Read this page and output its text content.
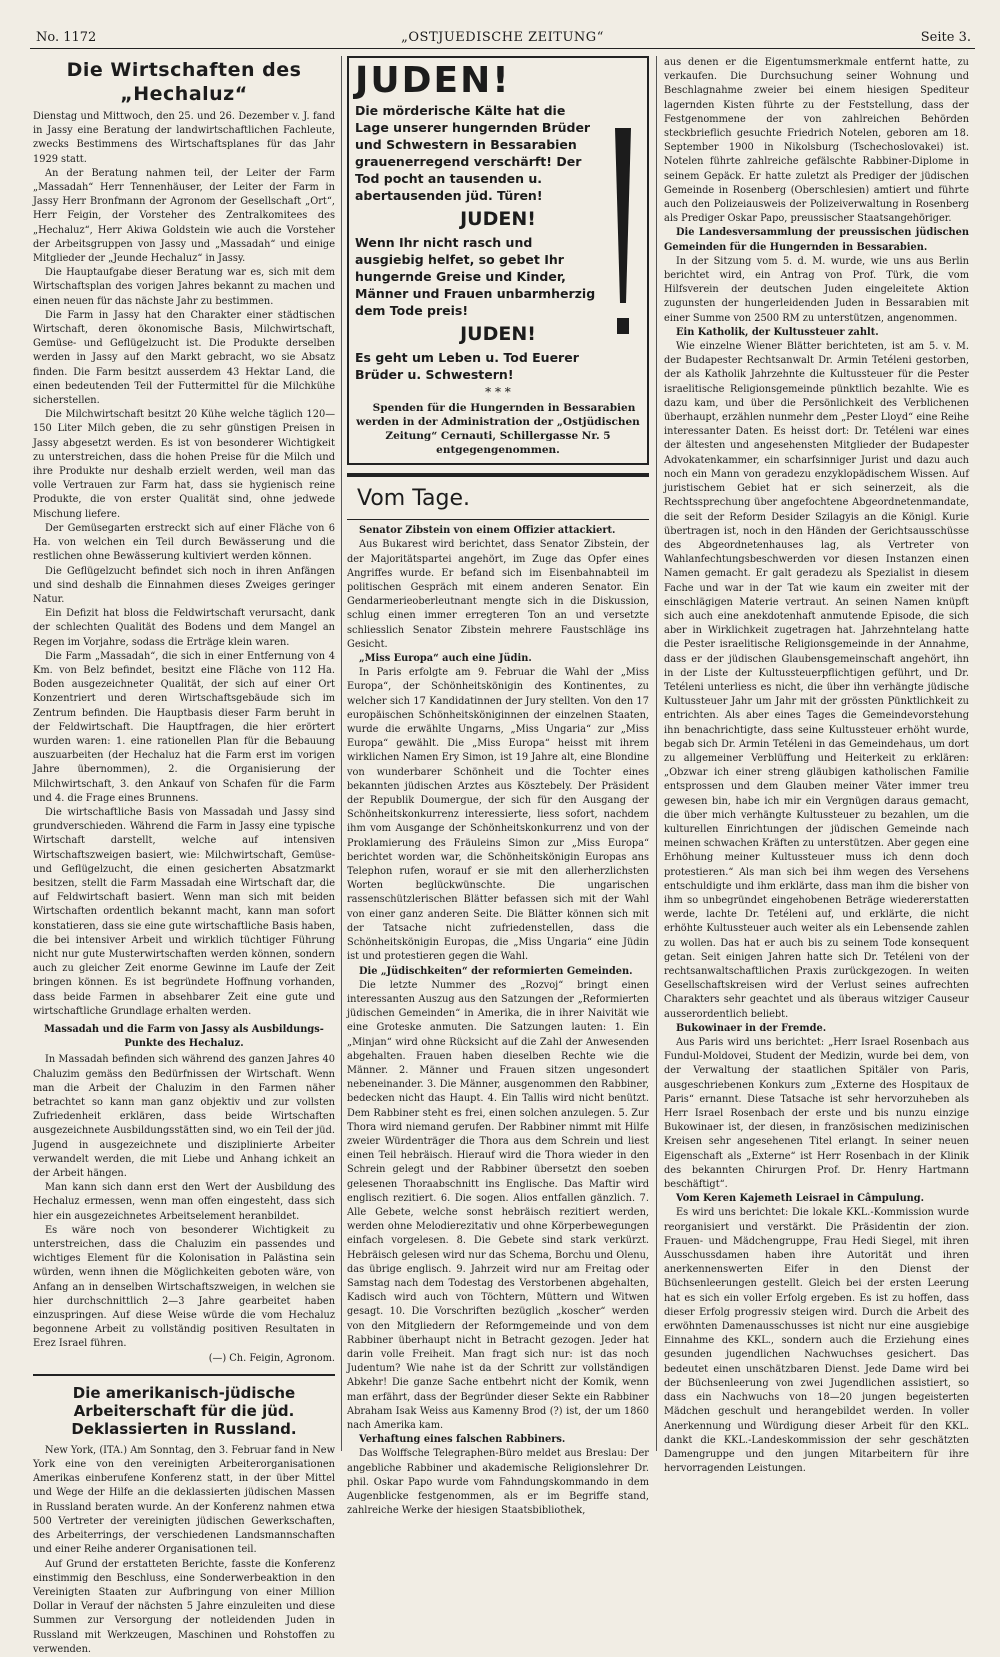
No. 1172	„OSTJUEDISCHE ZEITUNG“	Seite 3.
Die Wirtschaften des „Hechaluz“

Dienstag und Mittwoch, den 25. und 26. Dezember v. J. fand in Jassy eine Beratung der landwirtschaftlichen Fachleute, zwecks Bestimmens des Wirtschaftsplanes für das Jahr 1929 statt.

An der Beratung nahmen teil, der Leiter der Farm „Massadah“ Herr Tennenhäuser, der Leiter der Farm in Jassy Herr Bronfmann der Agronom der Gesellschaft „Ort“, Herr Feigin, der Vorsteher des Zentralkomitees des „Hechaluz“, Herr Akiwa Goldstein wie auch die Vorsteher der Arbeitsgruppen von Jassy und „Massadah“ und einige Mitglieder der „Jeunde Hechaluz“ in Jassy.

Die Hauptaufgabe dieser Beratung war es, sich mit dem Wirtschaftsplan des vorigen Jahres bekannt zu machen und einen neuen für das nächste Jahr zu bestimmen.

Die Farm in Jassy hat den Charakter einer städtischen Wirtschaft, deren ökonomische Basis, Milchwirtschaft, Gemüse- und Geflügelzucht ist. Die Produkte derselben werden in Jassy auf den Markt gebracht, wo sie Absatz finden. Die Farm besitzt ausserdem 43 Hektar Land, die einen bedeutenden Teil der Futtermittel für die Milchkühe sicherstellen.

Die Milchwirtschaft besitzt 20 Kühe welche täglich 120—150 Liter Milch geben, die zu sehr günstigen Preisen in Jassy abgesetzt werden. Es ist von besonderer Wichtigkeit zu unterstreichen, dass die hohen Preise für die Milch und ihre Produkte nur deshalb erzielt werden, weil man das volle Vertrauen zur Farm hat, dass sie hygienisch reine Produkte, die von erster Qualität sind, ohne jedwede Mischung liefere.

Der Gemüsegarten erstreckt sich auf einer Fläche von 6 Ha. von welchen ein Teil durch Bewässerung und die restlichen ohne Bewässerung kultiviert werden können.

Die Geflügelzucht befindet sich noch in ihren Anfängen und sind deshalb die Einnahmen dieses Zweiges geringer Natur.

Ein Defizit hat bloss die Feldwirtschaft verursacht, dank der schlechten Qualität des Bodens und dem Mangel an Regen im Vorjahre, sodass die Erträge klein waren.

Die Farm „Massadah“, die sich in einer Entfernung von 4 Km. von Belz befindet, besitzt eine Fläche von 112 Ha. Boden ausgezeichneter Qualität, der sich auf einer Ort Konzentriert und deren Wirtschaftsgebäude sich im Zentrum befinden. Die Hauptbasis dieser Farm beruht in der Feldwirtschaft. Die Hauptfragen, die hier erörtert wurden waren: 1. eine rationellen Plan für die Bebauung auszuarbeiten (der Hechaluz hat die Farm erst im vorigen Jahre übernommen), 2. die Organisierung der Milchwirtschaft, 3. den Ankauf von Schafen für die Farm und 4. die Frage eines Brunnens.

Die wirtschaftliche Basis von Massadah und Jassy sind grundverschieden. Während die Farm in Jassy eine typische Wirtschaft darstellt, welche auf intensiven Wirtschaftszweigen basiert, wie: Milchwirtschaft, Gemüse- und Geflügelzucht, die einen gesicherten Absatzmarkt besitzen, stellt die Farm Massadah eine Wirtschaft dar, die auf Feldwirtschaft basiert. Wenn man sich mit beiden Wirtschaften ordentlich bekannt macht, kann man sofort konstatieren, dass sie eine gute wirtschaftliche Basis haben, die bei intensiver Arbeit und wirklich tüchtiger Führung nicht nur gute Musterwirtschaften werden können, sondern auch zu gleicher Zeit enorme Gewinne im Laufe der Zeit bringen können. Es ist begründete Hoffnung vorhanden, dass beide Farmen in absehbarer Zeit eine gute und wirtschaftliche Grundlage erhalten werden.

Massadah und die Farm von Jassy als Ausbildungs-Punkte des Hechaluz.

In Massadah befinden sich während des ganzen Jahres 40 Chaluzim gemäss den Bedürfnissen der Wirtschaft. Wenn man die Arbeit der Chaluzim in den Farmen näher betrachtet so kann man ganz objektiv und zur vollsten Zufriedenheit erklären, dass beide Wirtschaften ausgezeichnete Ausbildungsstätten sind, wo ein Teil der jüd. Jugend in ausgezeichnete und disziplinierte Arbeiter verwandelt werden, die mit Liebe und Anhang ichkeit an der Arbeit hängen.

Man kann sich dann erst den Wert der Ausbildung des Hechaluz ermessen, wenn man offen eingesteht, dass sich hier ein ausgezeichnetes Arbeitselement heranbildet.

Es wäre noch von besonderer Wichtigkeit zu unterstreichen, dass die Chaluzim ein passendes und wichtiges Element für die Kolonisation in Palästina sein würden, wenn ihnen die Möglichkeiten geboten wäre, von Anfang an in denselben Wirtschaftszweigen, in welchen sie hier durchschnittlich 2—3 Jahre gearbeitet haben einzuspringen. Auf diese Weise würde die vom Hechaluz begonnene Arbeit zu vollständig positiven Resultaten in Erez Israel führen.

(—) Ch. Feigin, Agronom.

Die amerikanisch-jüdische Arbeiterschaft für die jüd. Deklassierten in Russland.

New York, (ITA.) Am Sonntag, den 3. Februar fand in New York eine von den vereinigten Arbeiterorganisationen Amerikas einberufene Konferenz statt, in der über Mittel und Wege der Hilfe an die deklassierten jüdischen Massen in Russland beraten wurde. An der Konferenz nahmen etwa 500 Vertreter der vereinigten jüdischen Gewerkschaften, des Arbeiterrings, der verschiedenen Landsmannschaften und einer Reihe anderer Organisationen teil.

Auf Grund der erstatteten Berichte, fasste die Konferenz einstimmig den Beschluss, eine Sonderwerbeaktion in den Vereinigten Staaten zur Aufbringung von einer Million Dollar in Verauf der nächsten 5 Jahre einzuleiten und diese Summen zur Versorgung der notleidenden Juden in Russland mit Werkzeugen, Maschinen und Rohstoffen zu verwenden.

JUDEN!

Die mörderische Kälte hat die Lage unserer hungernden Brüder und Schwestern in Bessarabien grauenerregend verschärft! Der Tod pocht an tausenden u. abertausenden jüd. Türen!

JUDEN!

Wenn Ihr nicht rasch und ausgiebig helfet, so gebet Ihr hungernde Greise und Kinder, Männer und Frauen unbarmherzig dem Tode preis!

JUDEN!

Es geht um Leben u. Tod Euerer Brüder u. Schwestern!

* * *

Spenden für die Hungernden in Bessarabien werden in der Administration der „Ostjüdischen Zeitung“ Cernauti, Schillergasse Nr. 5 entgegengenommen.

Vom Tage.

Senator Zibstein von einem Offizier attackiert.

Aus Bukarest wird berichtet, dass Senator Zibstein, der der Majoritätspartei angehört, im Zuge das Opfer eines Angriffes wurde. Er befand sich im Eisenbahnabteil im politischen Gespräch mit einem anderen Senator. Ein Gendarmerieoberleutnant mengte sich in die Diskussion, schlug einen immer erregteren Ton an und versetzte schliesslich Senator Zibstein mehrere Faustschläge ins Gesicht.

„Miss Europa“ auch eine Jüdin.

In Paris erfolgte am 9. Februar die Wahl der „Miss Europa“, der Schönheitskönigin des Kontinentes, zu welcher sich 17 Kandidatinnen der Jury stellten. Von den 17 europäischen Schönheitsköniginnen der einzelnen Staaten, wurde die erwählte Ungarns, „Miss Ungaria“ zur „Miss Europa“ gewählt. Die „Miss Europa“ heisst mit ihrem wirklichen Namen Ery Simon, ist 19 Jahre alt, eine Blondine von wunderbarer Schönheit und die Tochter eines bekannten jüdischen Arztes aus Kösztebely. Der Präsident der Republik Doumergue, der sich für den Ausgang der Schönheitskonkurrenz interessierte, liess sofort, nachdem ihm vom Ausgange der Schönheitskonkurrenz und von der Proklamierung des Fräuleins Simon zur „Miss Europa“ berichtet worden war, die Schönheitskönigin Europas ans Telephon rufen, worauf er sie mit den allerherzlichsten Worten beglückwünschte. Die ungarischen rassenschützlerischen Blätter befassen sich mit der Wahl von einer ganz anderen Seite. Die Blätter können sich mit der Tatsache nicht zufriedenstellen, dass die Schönheitskönigin Europas, die „Miss Ungaria“ eine Jüdin ist und protestieren gegen die Wahl.

Die „Jüdischkeiten“ der reformierten Gemeinden.

Die letzte Nummer des „Rozvoj“ bringt einen interessanten Auszug aus den Satzungen der „Reformierten jüdischen Gemeinden“ in Amerika, die in ihrer Naivität wie eine Groteske anmuten. Die Satzungen lauten: 1. Ein „Minjan“ wird ohne Rücksicht auf die Zahl der Anwesenden abgehalten. Frauen haben dieselben Rechte wie die Männer. 2. Männer und Frauen sitzen ungesondert nebeneinander. 3. Die Männer, ausgenommen den Rabbiner, bedecken nicht das Haupt. 4. Ein Tallis wird nicht benützt. Dem Rabbiner steht es frei, einen solchen anzulegen. 5. Zur Thora wird niemand gerufen. Der Rabbiner nimmt mit Hilfe zweier Würdenträger die Thora aus dem Schrein und liest einen Teil hebräisch. Hierauf wird die Thora wieder in den Schrein gelegt und der Rabbiner übersetzt den soeben gelesenen Thoraabschnitt ins Englische. Das Maftir wird englisch rezitiert. 6. Die sogen. Alios entfallen gänzlich. 7. Alle Gebete, welche sonst hebräisch rezitiert werden, werden ohne Melodierezitativ und ohne Körperbewegungen einfach vorgelesen. 8. Die Gebete sind stark verkürzt. Hebräisch gelesen wird nur das Schema, Borchu und Olenu, das übrige englisch. 9. Jahrzeit wird nur am Freitag oder Samstag nach dem Todestag des Verstorbenen abgehalten, Kadisch wird auch von Töchtern, Müttern und Witwen gesagt. 10. Die Vorschriften bezüglich „koscher“ werden von den Mitgliedern der Reformgemeinde und von dem Rabbiner überhaupt nicht in Betracht gezogen. Jeder hat darin volle Freiheit. Man fragt sich nur: ist das noch Judentum? Wie nahe ist da der Schritt zur vollständigen Abkehr! Die ganze Sache entbehrt nicht der Komik, wenn man erfährt, dass der Begründer dieser Sekte ein Rabbiner Abraham Isak Weiss aus Kamenny Brod (?) ist, der um 1860 nach Amerika kam.

Verhaftung eines falschen Rabbiners.

Das Wolffsche Telegraphen-Büro meldet aus Breslau: Der angebliche Rabbiner und akademische Religionslehrer Dr. phil. Oskar Papo wurde vom Fahndungskommando in dem Augenblicke festgenommen, als er im Begriffe stand, zahlreiche Werke der hiesigen Staatsbibliothek,

aus denen er die Eigentumsmerkmale entfernt hatte, zu verkaufen. Die Durchsuchung seiner Wohnung und Beschlagnahme zweier bei einem hiesigen Spediteur lagernden Kisten führte zu der Feststellung, dass der Festgenommene der von zahlreichen Behörden steckbrieflich gesuchte Friedrich Notelen, geboren am 18. September 1900 in Nikolsburg (Tschechoslovakei) ist. Notelen führte zahlreiche gefälschte Rabbiner-Diplome in seinem Gepäck. Er hatte zuletzt als Prediger der jüdischen Gemeinde in Rosenberg (Oberschlesien) amtiert und führte auch den Polizeiausweis der Polizeiverwaltung in Rosenberg als Prediger Oskar Papo, preussischer Staatsangehöriger.

Die Landesversammlung der preussischen jüdischen Gemeinden für die Hungernden in Bessarabien.

In der Sitzung vom 5. d. M. wurde, wie uns aus Berlin berichtet wird, ein Antrag von Prof. Türk, die vom Hilfsverein der deutschen Juden eingeleitete Aktion zugunsten der hungerleidenden Juden in Bessarabien mit einer Summe von 2500 RM zu unterstützen, angenommen.

Ein Katholik, der Kultussteuer zahlt.

Wie einzelne Wiener Blätter berichteten, ist am 5. v. M. der Budapester Rechtsanwalt Dr. Armin Tetéleni gestorben, der als Katholik Jahrzehnte die Kultussteuer für die Pester israelitische Religionsgemeinde pünktlich bezahlte. Wie es dazu kam, und über die Persönlichkeit des Verblichenen überhaupt, erzählen nunmehr dem „Pester Lloyd“ eine Reihe interessanter Daten. Es heisst dort: Dr. Tetéleni war eines der ältesten und angesehensten Mitglieder der Budapester Advokatenkammer, ein scharfsinniger Jurist und dazu auch noch ein Mann von geradezu enzyklopädischem Wissen. Auf juristischem Gebiet hat er sich seinerzeit, als die Rechtssprechung über angefochtene Abgeordnetenmandate, die seit der Reform Desider Szilagyis an die Königl. Kurie übertragen ist, noch in den Händen der Gerichtsausschüsse des Abgeordnetenhauses lag, als Vertreter von Wahlanfechtungsbeschwerden vor diesen Instanzen einen Namen gemacht. Er galt geradezu als Spezialist in diesem Fache und war in der Tat wie kaum ein zweiter mit der einschlägigen Materie vertraut. An seinen Namen knüpft sich auch eine anekdotenhaft anmutende Episode, die sich aber in Wirklichkeit zugetragen hat. Jahrzehntelang hatte die Pester israelitische Religionsgemeinde in der Annahme, dass er der jüdischen Glaubensgemeinschaft angehört, ihn in der Liste der Kultussteuerpflichtigen geführt, und Dr. Tetéleni unterliess es nicht, die über ihn verhängte jüdische Kultussteuer Jahr um Jahr mit der grössten Pünktlichkeit zu entrichten. Als aber eines Tages die Gemeindevorstehung ihn benachrichtigte, dass seine Kultussteuer erhöht wurde, begab sich Dr. Armin Tetéleni in das Gemeindehaus, um dort zu allgemeiner Verblüffung und Heiterkeit zu erklären: „Obzwar ich einer streng gläubigen katholischen Familie entsprossen und dem Glauben meiner Väter immer treu gewesen bin, habe ich mir ein Vergnügen daraus gemacht, die über mich verhängte Kultussteuer zu bezahlen, um die kulturellen Einrichtungen der jüdischen Gemeinde nach meinen schwachen Kräften zu unterstützen. Aber gegen eine Erhöhung meiner Kultussteuer muss ich denn doch protestieren.“ Als man sich bei ihm wegen des Versehens entschuldigte und ihm erklärte, dass man ihm die bisher von ihm so unbegründet eingehobenen Beträge wiedererstatten werde, lachte Dr. Tetéleni auf, und erklärte, die nicht erhöhte Kultussteuer auch weiter als ein Lebensende zahlen zu wollen. Das hat er auch bis zu seinem Tode konsequent getan. Seit einigen Jahren hatte sich Dr. Tetéleni von der rechtsanwaltschaftlichen Praxis zurückgezogen. In weiten Gesellschaftskreisen wird der Verlust seines aufrechten Charakters sehr geachtet und als überaus witziger Causeur ausserordentlich beliebt.

Bukowinaer in der Fremde.

Aus Paris wird uns berichtet: „Herr Israel Rosenbach aus Fundul-Moldovei, Student der Medizin, wurde bei dem, von der Verwaltung der staatlichen Spitäler von Paris, ausgeschriebenen Konkurs zum „Externe des Hospitaux de Paris“ ernannt. Diese Tatsache ist sehr hervorzuheben als Herr Israel Rosenbach der erste und bis nunzu einzige Bukowinaer ist, der diesen, in französischen medizinischen Kreisen sehr angesehenen Titel erlangt. In seiner neuen Eigenschaft als „Externe“ ist Herr Rosenbach in der Klinik des bekannten Chirurgen Prof. Dr. Henry Hartmann beschäftigt“.

Vom Keren Kajemeth Leisrael in Câmpulung.

Es wird uns berichtet: Die lokale KKL.-Kommission wurde reorganisiert und verstärkt. Die Präsidentin der zion. Frauen- und Mädchengruppe, Frau Hedi Siegel, mit ihren Ausschussdamen haben ihre Autorität und ihren anerkennenswerten Eifer in den Dienst der Büchsenleerungen gestellt. Gleich bei der ersten Leerung hat es sich ein voller Erfolg ergeben. Es ist zu hoffen, dass dieser Erfolg progressiv steigen wird. Durch die Arbeit des erwöhnten Damenausschusses ist nicht nur eine ausgiebige Einnahme des KKL., sondern auch die Erziehung eines gesunden jugendlichen Nachwuchses gesichert. Das bedeutet einen unschätzbaren Dienst. Jede Dame wird bei der Büchsenleerung von zwei Jugendlichen assistiert, so dass ein Nachwuchs von 18—20 jungen begeisterten Mädchen geschult und herangebildet werden. In voller Anerkennung und Würdigung dieser Arbeit für den KKL. dankt die KKL.-Landeskommission der sehr geschätzten Damengruppe und den jungen Mitarbeitern für ihre hervorragenden Leistungen.
